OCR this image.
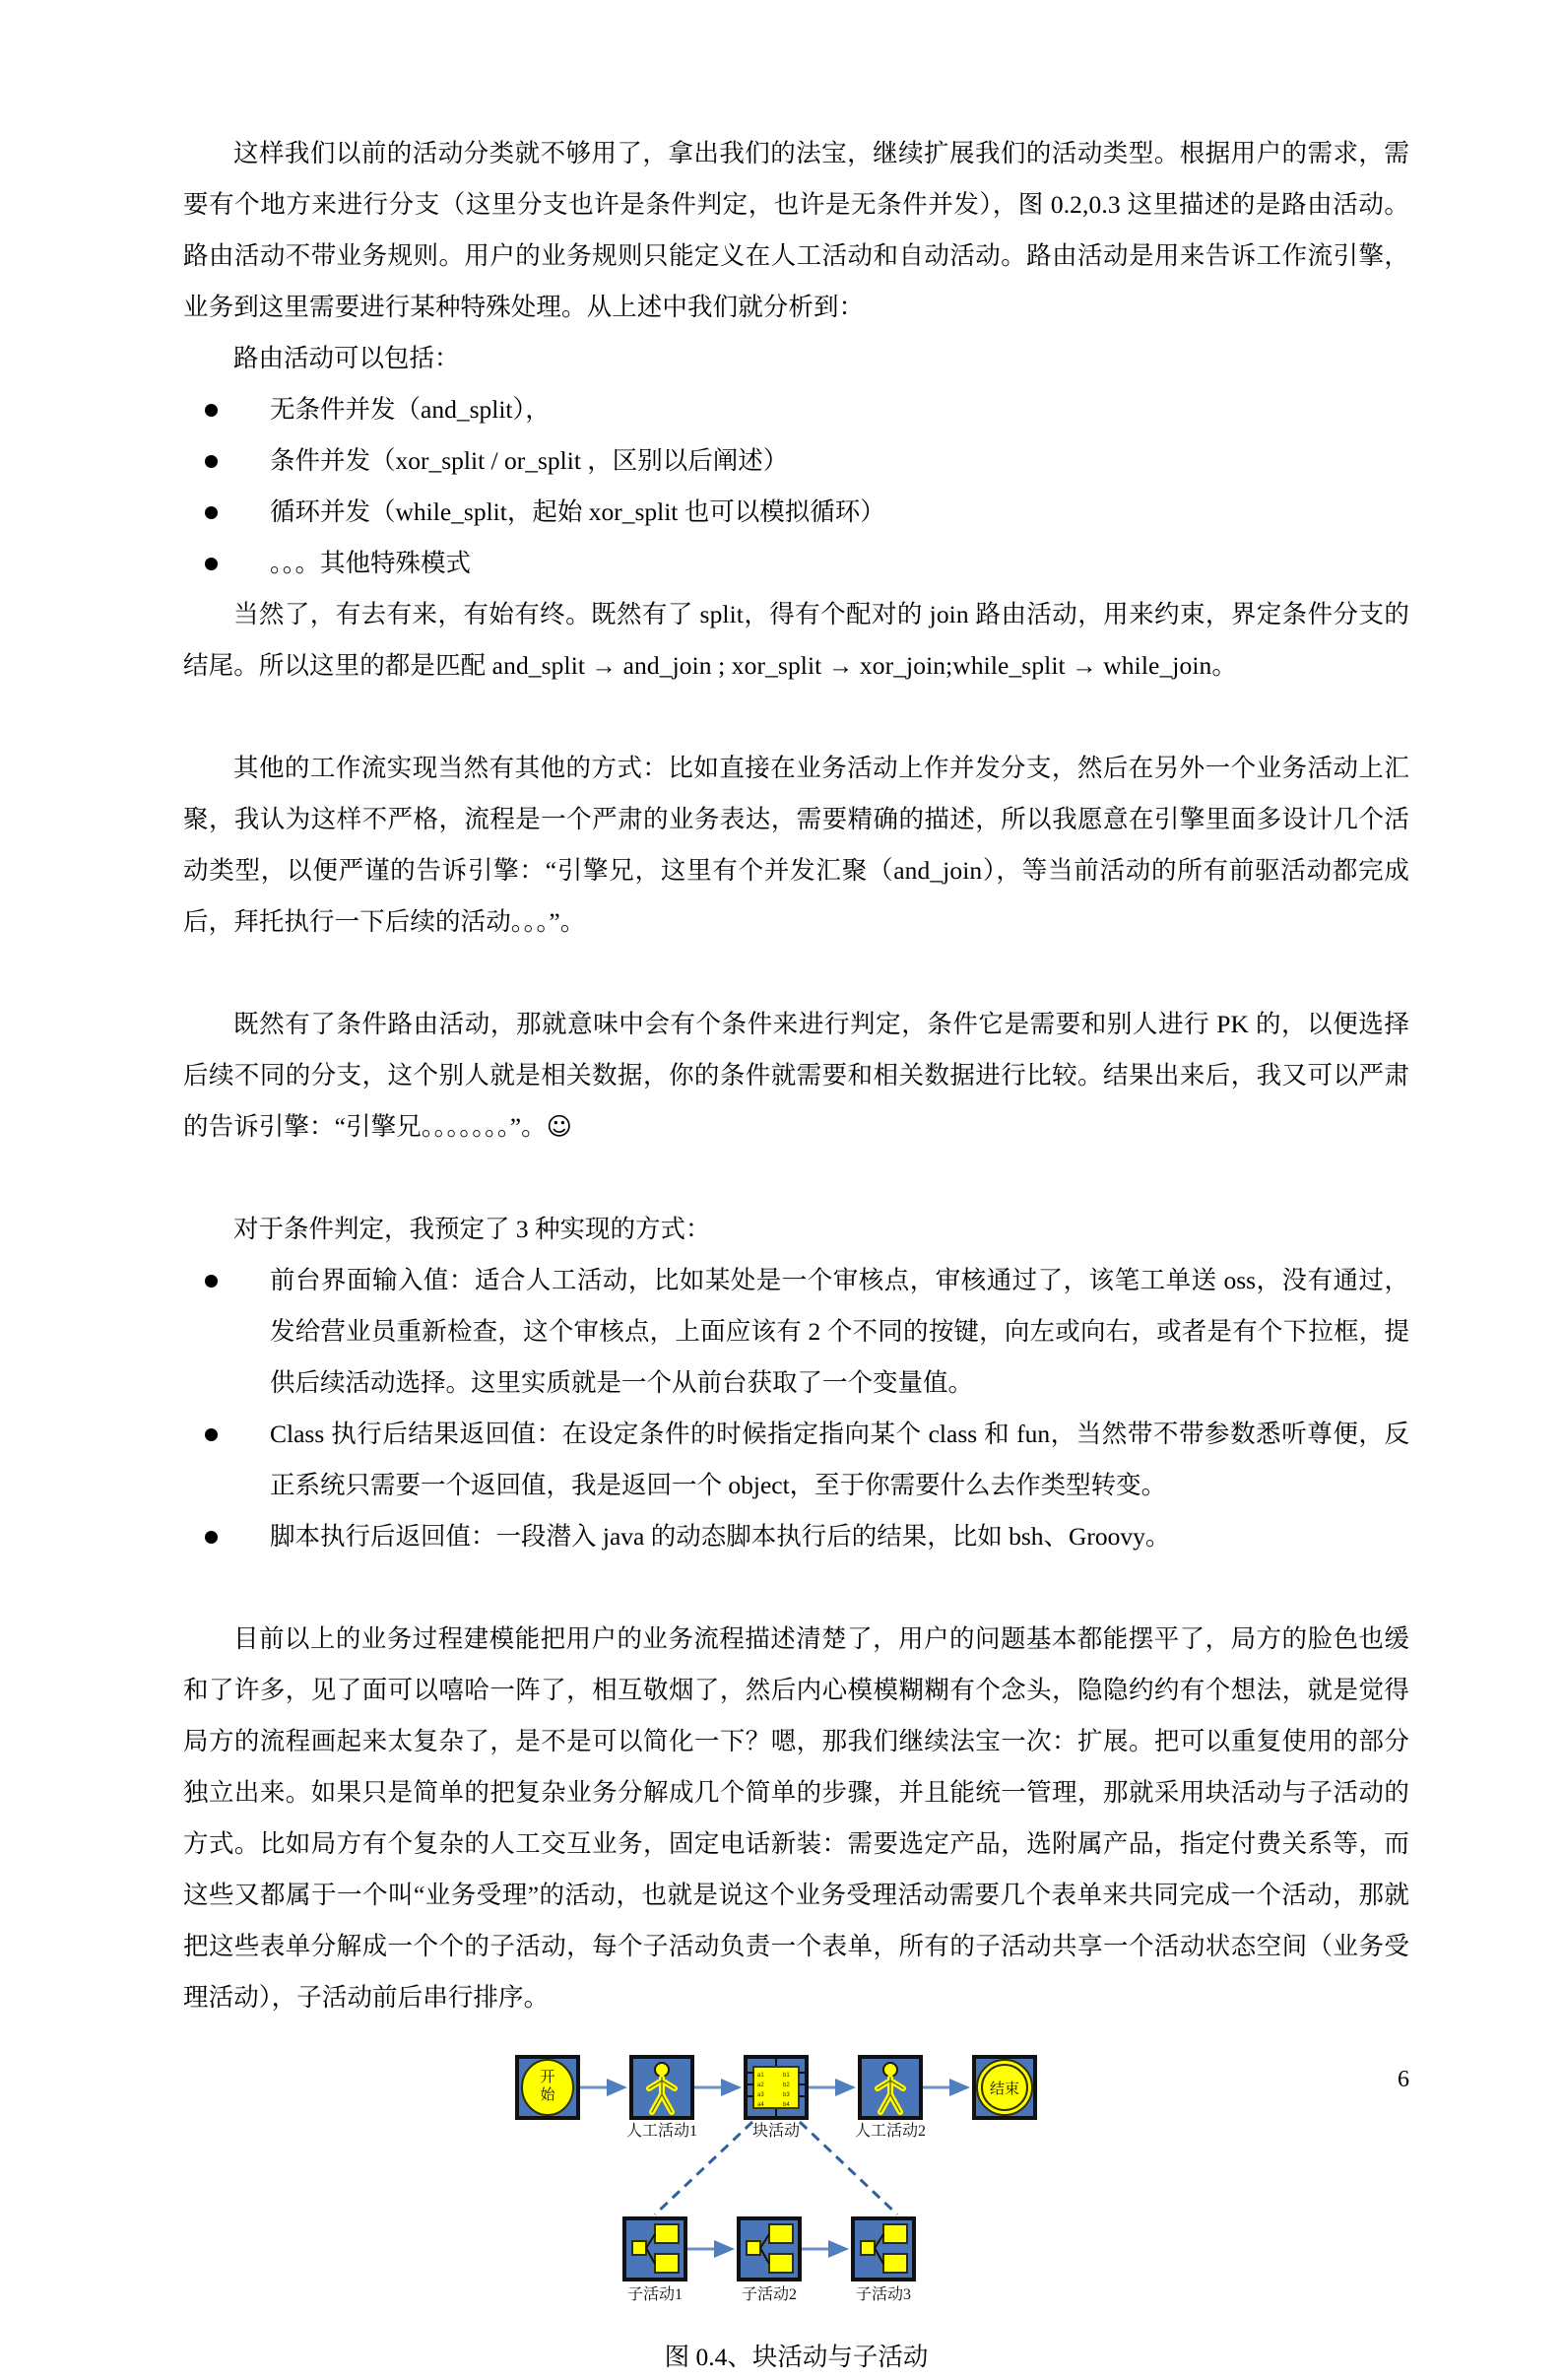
这样我们以前的活动分类就不够用了，拿出我们的法宝，继续扩展我们的活动类型。根据用户的需求，需要有个地方来进行分支（这里分支也许是条件判定，也许是无条件并发），图 0.2,0.3 这里描述的是路由活动。路由活动不带业务规则。用户的业务规则只能定义在人工活动和自动活动。路由活动是用来告诉工作流引擎，业务到这里需要进行某种特殊处理。从上述中我们就分析到：

路由活动可以包括：

无条件并发（and_split），
条件并发（xor_split / or_split ，区别以后阐述）
循环并发（while_split，起始 xor_split 也可以模拟循环）
。。。其他特殊模式

当然了，有去有来，有始有终。既然有了 split，得有个配对的 join 路由活动，用来约束，界定条件分支的结尾。所以这里的都是匹配 and_split → and_join ; xor_split → xor_join;while_split → while_join。

其他的工作流实现当然有其他的方式：比如直接在业务活动上作并发分支，然后在另外一个业务活动上汇聚，我认为这样不严格，流程是一个严肃的业务表达，需要精确的描述，所以我愿意在引擎里面多设计几个活动类型，以便严谨的告诉引擎：“引擎兄，这里有个并发汇聚（and_join），等当前活动的所有前驱活动都完成后，拜托执行一下后续的活动。。。”。

既然有了条件路由活动，那就意味中会有个条件来进行判定，条件它是需要和别人进行 PK 的，以便选择后续不同的分支，这个别人就是相关数据，你的条件就需要和相关数据进行比较。结果出来后，我又可以严肃的告诉引擎：“引擎兄。。。。。。。”。☺

对于条件判定，我预定了 3 种实现的方式：

前台界面输入值：适合人工活动，比如某处是一个审核点，审核通过了，该笔工单送 oss，没有通过，发给营业员重新检查，这个审核点，上面应该有 2 个不同的按键，向左或向右，或者是有个下拉框，提供后续活动选择。这里实质就是一个从前台获取了一个变量值。
Class 执行后结果返回值：在设定条件的时候指定指向某个 class 和 fun，当然带不带参数悉听尊便，反正系统只需要一个返回值，我是返回一个 object，至于你需要什么去作类型转变。
脚本执行后返回值：一段潜入 java 的动态脚本执行后的结果，比如 bsh、Groovy。

目前以上的业务过程建模能把用户的业务流程描述清楚了，用户的问题基本都能摆平了，局方的脸色也缓和了许多，见了面可以嘻哈一阵了，相互敬烟了，然后内心模模糊糊有个念头，隐隐约约有个想法，就是觉得局方的流程画起来太复杂了，是不是可以简化一下？嗯，那我们继续法宝一次：扩展。把可以重复使用的部分独立出来。如果只是简单的把复杂业务分解成几个简单的步骤，并且能统一管理，那就采用块活动与子活动的方式。比如局方有个复杂的人工交互业务，固定电话新装：需要选定产品，选附属产品，指定付费关系等，而这些又都属于一个叫“业务受理”的活动，也就是说这个业务受理活动需要几个表单来共同完成一个活动，那就把这些表单分解成一个个的子活动，每个子活动负责一个表单，所有的子活动共享一个活动状态空间（业务受理活动），子活动前后串行排序。

开
始
a1	b1
a2	b2
a3	b3
a4	b4
结束
人工活动1	块活动	人工活动2
子活动1	子活动2	子活动3
图 0.4、块活动与子活动
6
